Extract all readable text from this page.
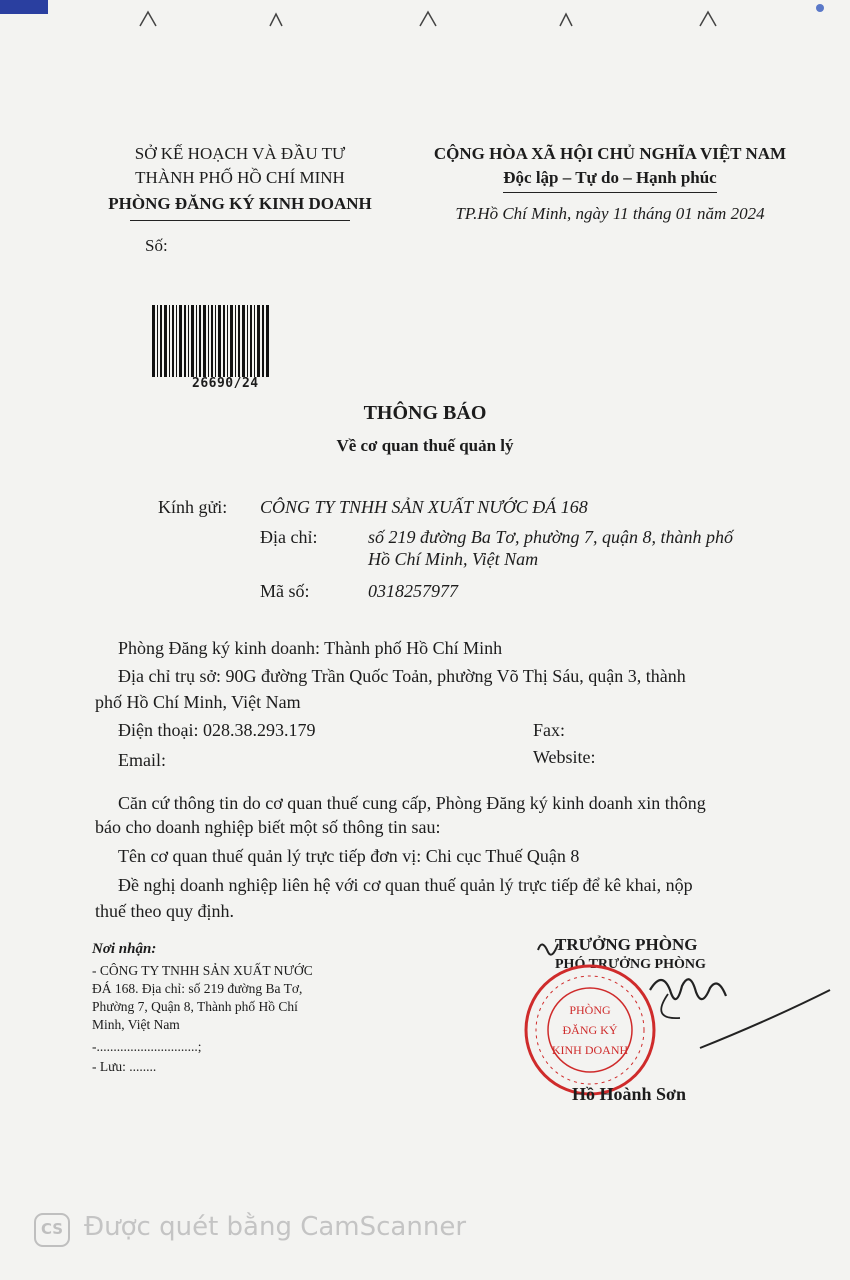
SỞ KẾ HOẠCH VÀ ĐẦU TƯ
THÀNH PHỐ HỒ CHÍ MINH
PHÒNG ĐĂNG KÝ KINH DOANH
Số:
CỘNG HÒA XÃ HỘI CHỦ NGHĨA VIỆT NAM
Độc lập – Tự do – Hạnh phúc
TP.Hồ Chí Minh, ngày 11 tháng 01 năm 2024
26690/24
THÔNG BÁO
Về cơ quan thuế quản lý
Kính gửi: CÔNG TY TNHH SẢN XUẤT NƯỚC ĐÁ 168
Địa chỉ:	số 219 đường Ba Tơ, phường 7, quận 8, thành phố
Hồ Chí Minh, Việt Nam
Mã số:	0318257977
Phòng Đăng ký kinh doanh: Thành phố Hồ Chí Minh
Địa chỉ trụ sở: 90G đường Trần Quốc Toản, phường Võ Thị Sáu, quận 3, thành
phố Hồ Chí Minh, Việt Nam
Điện thoại: 028.38.293.179	Fax:
Email:	Website:
Căn cứ thông tin do cơ quan thuế cung cấp, Phòng Đăng ký kinh doanh xin thông
báo cho doanh nghiệp biết một số thông tin sau:
Tên cơ quan thuế quản lý trực tiếp đơn vị: Chi cục Thuế Quận 8
Đề nghị doanh nghiệp liên hệ với cơ quan thuế quản lý trực tiếp để kê khai, nộp
thuế theo quy định.
Nơi nhận:
- CÔNG TY TNHH SẢN XUẤT NƯỚC
ĐÁ 168. Địa chỉ: số 219 đường Ba Tơ,
Phường 7, Quận 8, Thành phố Hồ Chí
Minh, Việt Nam
-..............................;
- Lưu: ........
TRƯỞNG PHÒNG
PHÓ TRƯỞNG PHÒNG
PHÒNG
ĐĂNG KÝ
KINH DOANH
Hồ Hoành Sơn
CS Được quét bằng CamScanner
